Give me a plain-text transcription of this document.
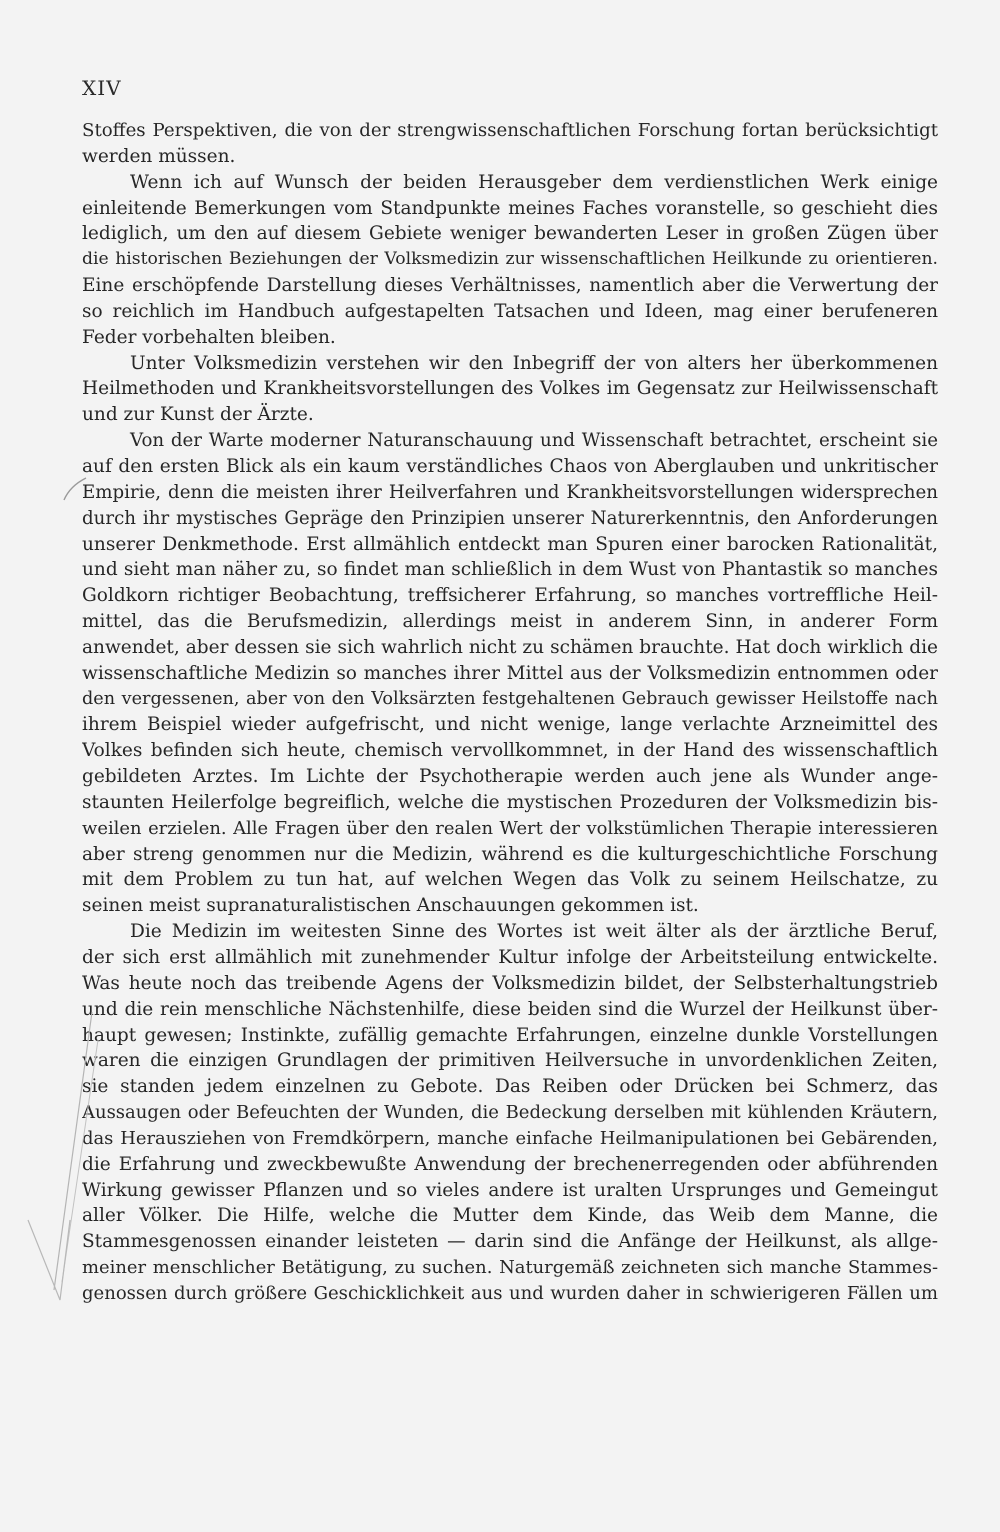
XIV
Stoffes Perspektiven, die von der strengwissenschaftlichen Forschung fortan berücksichtigt
werden müssen.
Wenn ich auf Wunsch der beiden Herausgeber dem verdienstlichen Werk einige
einleitende Bemerkungen vom Standpunkte meines Faches voranstelle, so geschieht dies
lediglich, um den auf diesem Gebiete weniger bewanderten Leser in großen Zügen über
die historischen Beziehungen der Volksmedizin zur wissenschaftlichen Heilkunde zu orientieren.
Eine erschöpfende Darstellung dieses Verhältnisses, namentlich aber die Verwertung der
so reichlich im Handbuch aufgestapelten Tatsachen und Ideen, mag einer berufeneren
Feder vorbehalten bleiben.
Unter Volksmedizin verstehen wir den Inbegriff der von alters her überkommenen
Heilmethoden und Krankheitsvorstellungen des Volkes im Gegensatz zur Heilwissenschaft
und zur Kunst der Ärzte.
Von der Warte moderner Naturanschauung und Wissenschaft betrachtet, erscheint sie
auf den ersten Blick als ein kaum verständliches Chaos von Aberglauben und unkritischer
Empirie, denn die meisten ihrer Heilverfahren und Krankheitsvorstellungen widersprechen
durch ihr mystisches Gepräge den Prinzipien unserer Naturerkenntnis, den Anforderungen
unserer Denkmethode. Erst allmählich entdeckt man Spuren einer barocken Rationalität,
und sieht man näher zu, so findet man schließlich in dem Wust von Phantastik so manches
Goldkorn richtiger Beobachtung, treffsicherer Erfahrung, so manches vortreffliche Heil-
mittel, das die Berufsmedizin, allerdings meist in anderem Sinn, in anderer Form
anwendet, aber dessen sie sich wahrlich nicht zu schämen brauchte. Hat doch wirklich die
wissenschaftliche Medizin so manches ihrer Mittel aus der Volksmedizin entnommen oder
den vergessenen, aber von den Volksärzten festgehaltenen Gebrauch gewisser Heilstoffe nach
ihrem Beispiel wieder aufgefrischt, und nicht wenige, lange verlachte Arzneimittel des
Volkes befinden sich heute, chemisch vervollkommnet, in der Hand des wissenschaftlich
gebildeten Arztes. Im Lichte der Psychotherapie werden auch jene als Wunder ange-
staunten Heilerfolge begreiflich, welche die mystischen Prozeduren der Volksmedizin bis-
weilen erzielen. Alle Fragen über den realen Wert der volkstümlichen Therapie interessieren
aber streng genommen nur die Medizin, während es die kulturgeschichtliche Forschung
mit dem Problem zu tun hat, auf welchen Wegen das Volk zu seinem Heilschatze, zu
seinen meist supranaturalistischen Anschauungen gekommen ist.
Die Medizin im weitesten Sinne des Wortes ist weit älter als der ärztliche Beruf,
der sich erst allmählich mit zunehmender Kultur infolge der Arbeitsteilung entwickelte.
Was heute noch das treibende Agens der Volksmedizin bildet, der Selbsterhaltungstrieb
und die rein menschliche Nächstenhilfe, diese beiden sind die Wurzel der Heilkunst über-
haupt gewesen; Instinkte, zufällig gemachte Erfahrungen, einzelne dunkle Vorstellungen
waren die einzigen Grundlagen der primitiven Heilversuche in unvordenklichen Zeiten,
sie standen jedem einzelnen zu Gebote. Das Reiben oder Drücken bei Schmerz, das
Aussaugen oder Befeuchten der Wunden, die Bedeckung derselben mit kühlenden Kräutern,
das Herausziehen von Fremdkörpern, manche einfache Heilmanipulationen bei Gebärenden,
die Erfahrung und zweckbewußte Anwendung der brechenerregenden oder abführenden
Wirkung gewisser Pflanzen und so vieles andere ist uralten Ursprunges und Gemeingut
aller Völker. Die Hilfe, welche die Mutter dem Kinde, das Weib dem Manne, die
Stammesgenossen einander leisteten — darin sind die Anfänge der Heilkunst, als allge-
meiner menschlicher Betätigung, zu suchen. Naturgemäß zeichneten sich manche Stammes-
genossen durch größere Geschicklichkeit aus und wurden daher in schwierigeren Fällen um
